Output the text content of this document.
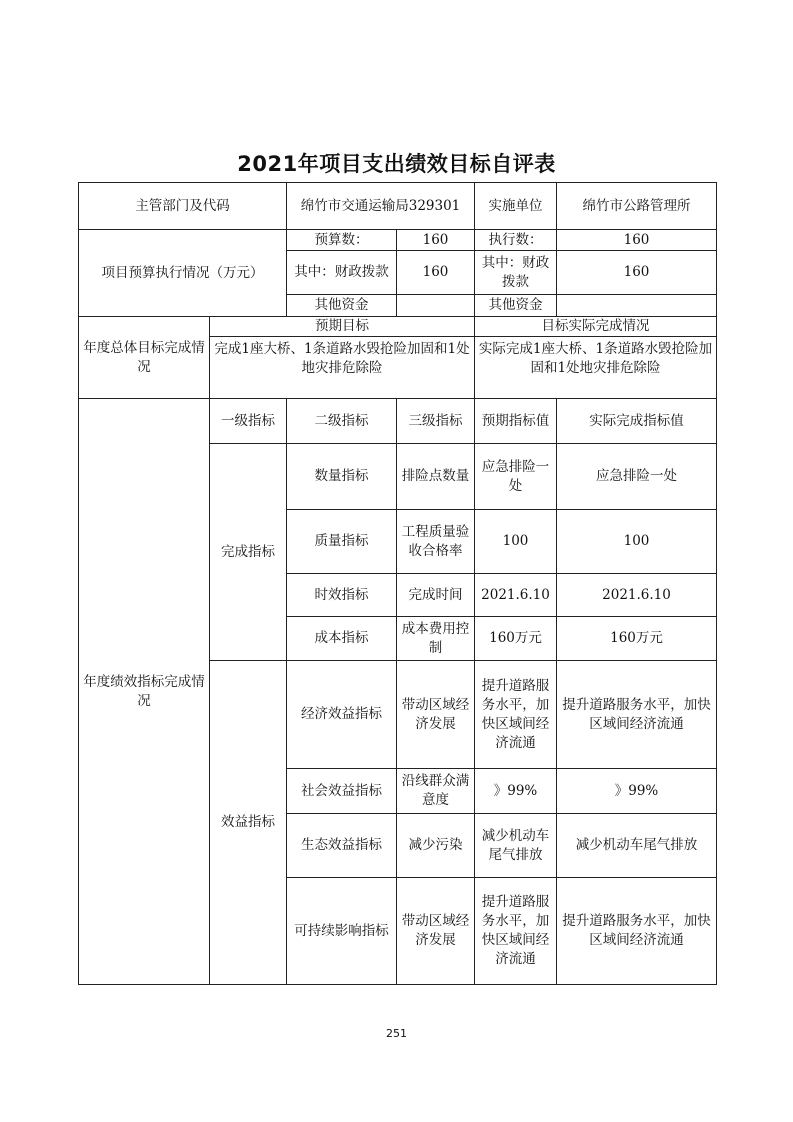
2021年项目支出绩效目标自评表
主管部门及代码		绵竹市交通运输局329301		实施单位	绵竹市公路管理所
项目预算执行情况（万元）		预算数：	160	执行数：	160
		其中：财政拨款	160	其中：财政拨款	160
		其他资金		其他资金	
年度总体目标完成情况	预期目标			目标实际完成情况	
	完成1座大桥、1条道路水毁抢险加固和1处地灾排危除险			实际完成1座大桥、1条道路水毁抢险加固和1处地灾排危除险	
年度绩效指标完成情况	一级指标	二级指标	三级指标	预期指标值	实际完成指标值
	完成指标	数量指标	排险点数量	应急排险一处	应急排险一处
		质量指标	工程质量验收合格率	100	100
		时效指标	完成时间	2021.6.10	2021.6.10
		成本指标	成本费用控制	160万元	160万元
	效益指标	经济效益指标	带动区域经济发展	提升道路服务水平，加快区域间经济流通	提升道路服务水平，加快区域间经济流通
		社会效益指标	沿线群众满意度	》99%	》99%
		生态效益指标	减少污染	减少机动车尾气排放	减少机动车尾气排放
		可持续影响指标	带动区域经济发展	提升道路服务水平，加快区域间经济流通	提升道路服务水平，加快区域间经济流通
251
